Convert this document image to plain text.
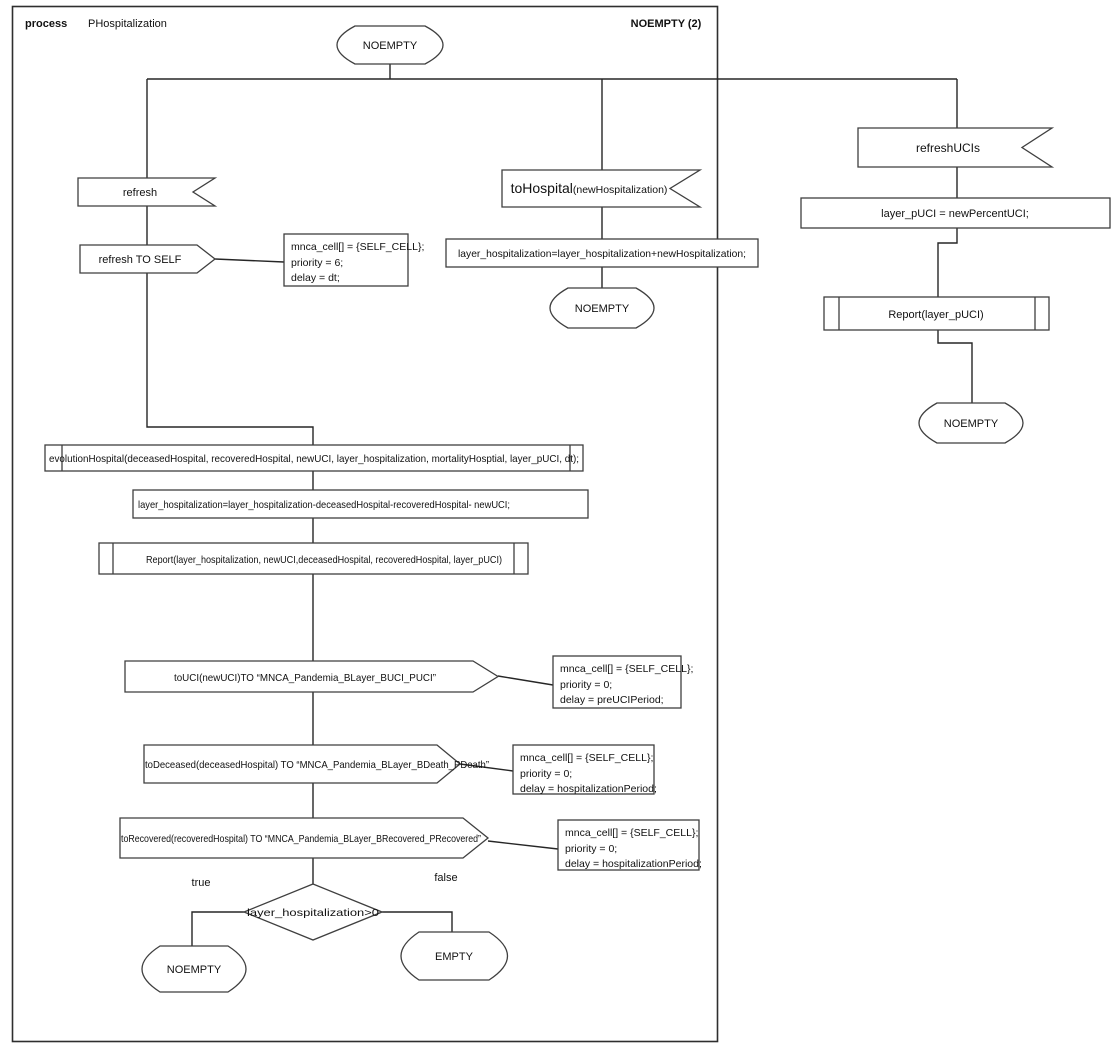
process PHospitalization	NOEMPTY (2)
NOEMPTY
refresh
refresh TO SELF
mnca_cell[] = {SELF_CELL};
priority = 6;
delay = dt;
toHospital(newHospitalization)
layer_hospitalization=layer_hospitalization+newHospitalization;
NOEMPTY
refreshUCIs
layer_pUCI = newPercentUCI;
Report(layer_pUCI)
NOEMPTY
evolutionHospital(deceasedHospital, recoveredHospital, newUCI, layer_hospitalization, mortalityHosptial, layer_pUCI, dt);
layer_hospitalization=layer_hospitalization-deceasedHospital-recoveredHospital- newUCI;
Report(layer_hospitalization, newUCI,deceasedHospital, recoveredHospital, layer_pUCI)
toUCI(newUCI)TO “MNCA_Pandemia_BLayer_BUCI_PUCI”
mnca_cell[] = {SELF_CELL};
priority = 0;
delay = preUCIPeriod;
toDeceased(deceasedHospital) TO “MNCA_Pandemia_BLayer_BDeath_PDeath”
mnca_cell[] = {SELF_CELL};
priority = 0;
delay = hospitalizationPeriod;
toRecovered(recoveredHospital) TO “MNCA_Pandemia_BLayer_BRecovered_PRecovered”	mnca_cell[] = {SELF_CELL};
priority = 0;
delay = hospitalizationPeriod;
layer_hospitalization>0
true	false
NOEMPTY
EMPTY
